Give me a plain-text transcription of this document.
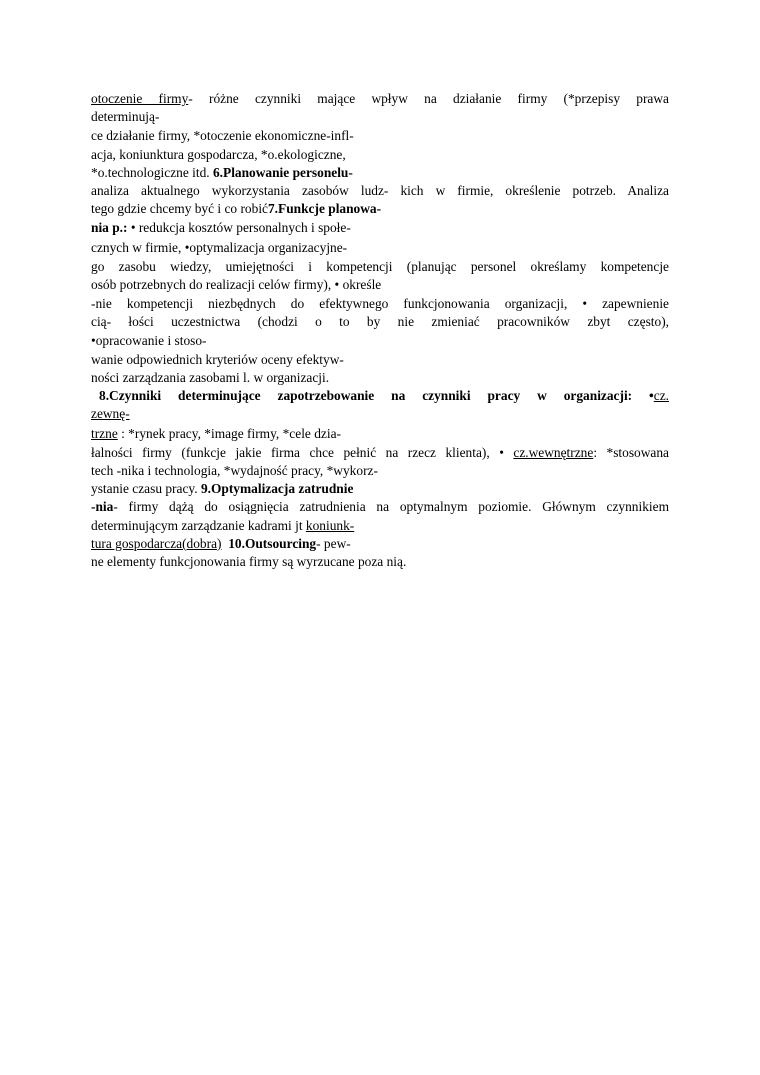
otoczenie firmy- różne czynniki mające wpływ na działanie firmy (*przepisy prawa
determinują-
ce działanie firmy, *otoczenie ekonomiczne-infl-
acja, koniunktura gospodarcza, *o.ekologiczne,
*o.technologiczne itd. 6.Planowanie personelu-
analiza aktualnego wykorzystania zasobów ludz- kich w firmie, określenie potrzeb. Analiza
tego gdzie chcemy być i co robić7.Funkcje planowa-
nia p.: • redukcja kosztów personalnych i społe-
cznych w firmie, •optymalizacja organizacyjne-
go zasobu wiedzy, umiejętności i kompetencji (planując personel określamy kompetencje
osób potrzebnych do realizacji celów firmy), • określe
-nie kompetencji niezbędnych do efektywnego funkcjonowania organizacji, • zapewnienie
cią- łości uczestnictwa (chodzi o to by nie zmieniać pracowników zbyt często),
•opracowanie i stoso-
wanie odpowiednich kryteriów oceny efektyw-
ności zarządzania zasobami l. w organizacji.
8.Czynniki determinujące zapotrzebowanie na czynniki pracy w organizacji: •cz.
zewnę-
trzne : *rynek pracy, *image firmy, *cele dzia-
łalności firmy (funkcje jakie firma chce pełnić na rzecz klienta), • cz.wewnętrzne: *stosowana
tech -nika i technologia, *wydajność pracy, *wykorz-
ystanie czasu pracy. 9.Optymalizacja zatrudnie
-nia- firmy dążą do osiągnięcia zatrudnienia na optymalnym poziomie. Głównym czynnikiem
determinującym zarządzanie kadrami jt koniunk-
tura gospodarcza(dobra) 10.Outsourcing- pew-
ne elementy funkcjonowania firmy są wyrzucane poza nią.
